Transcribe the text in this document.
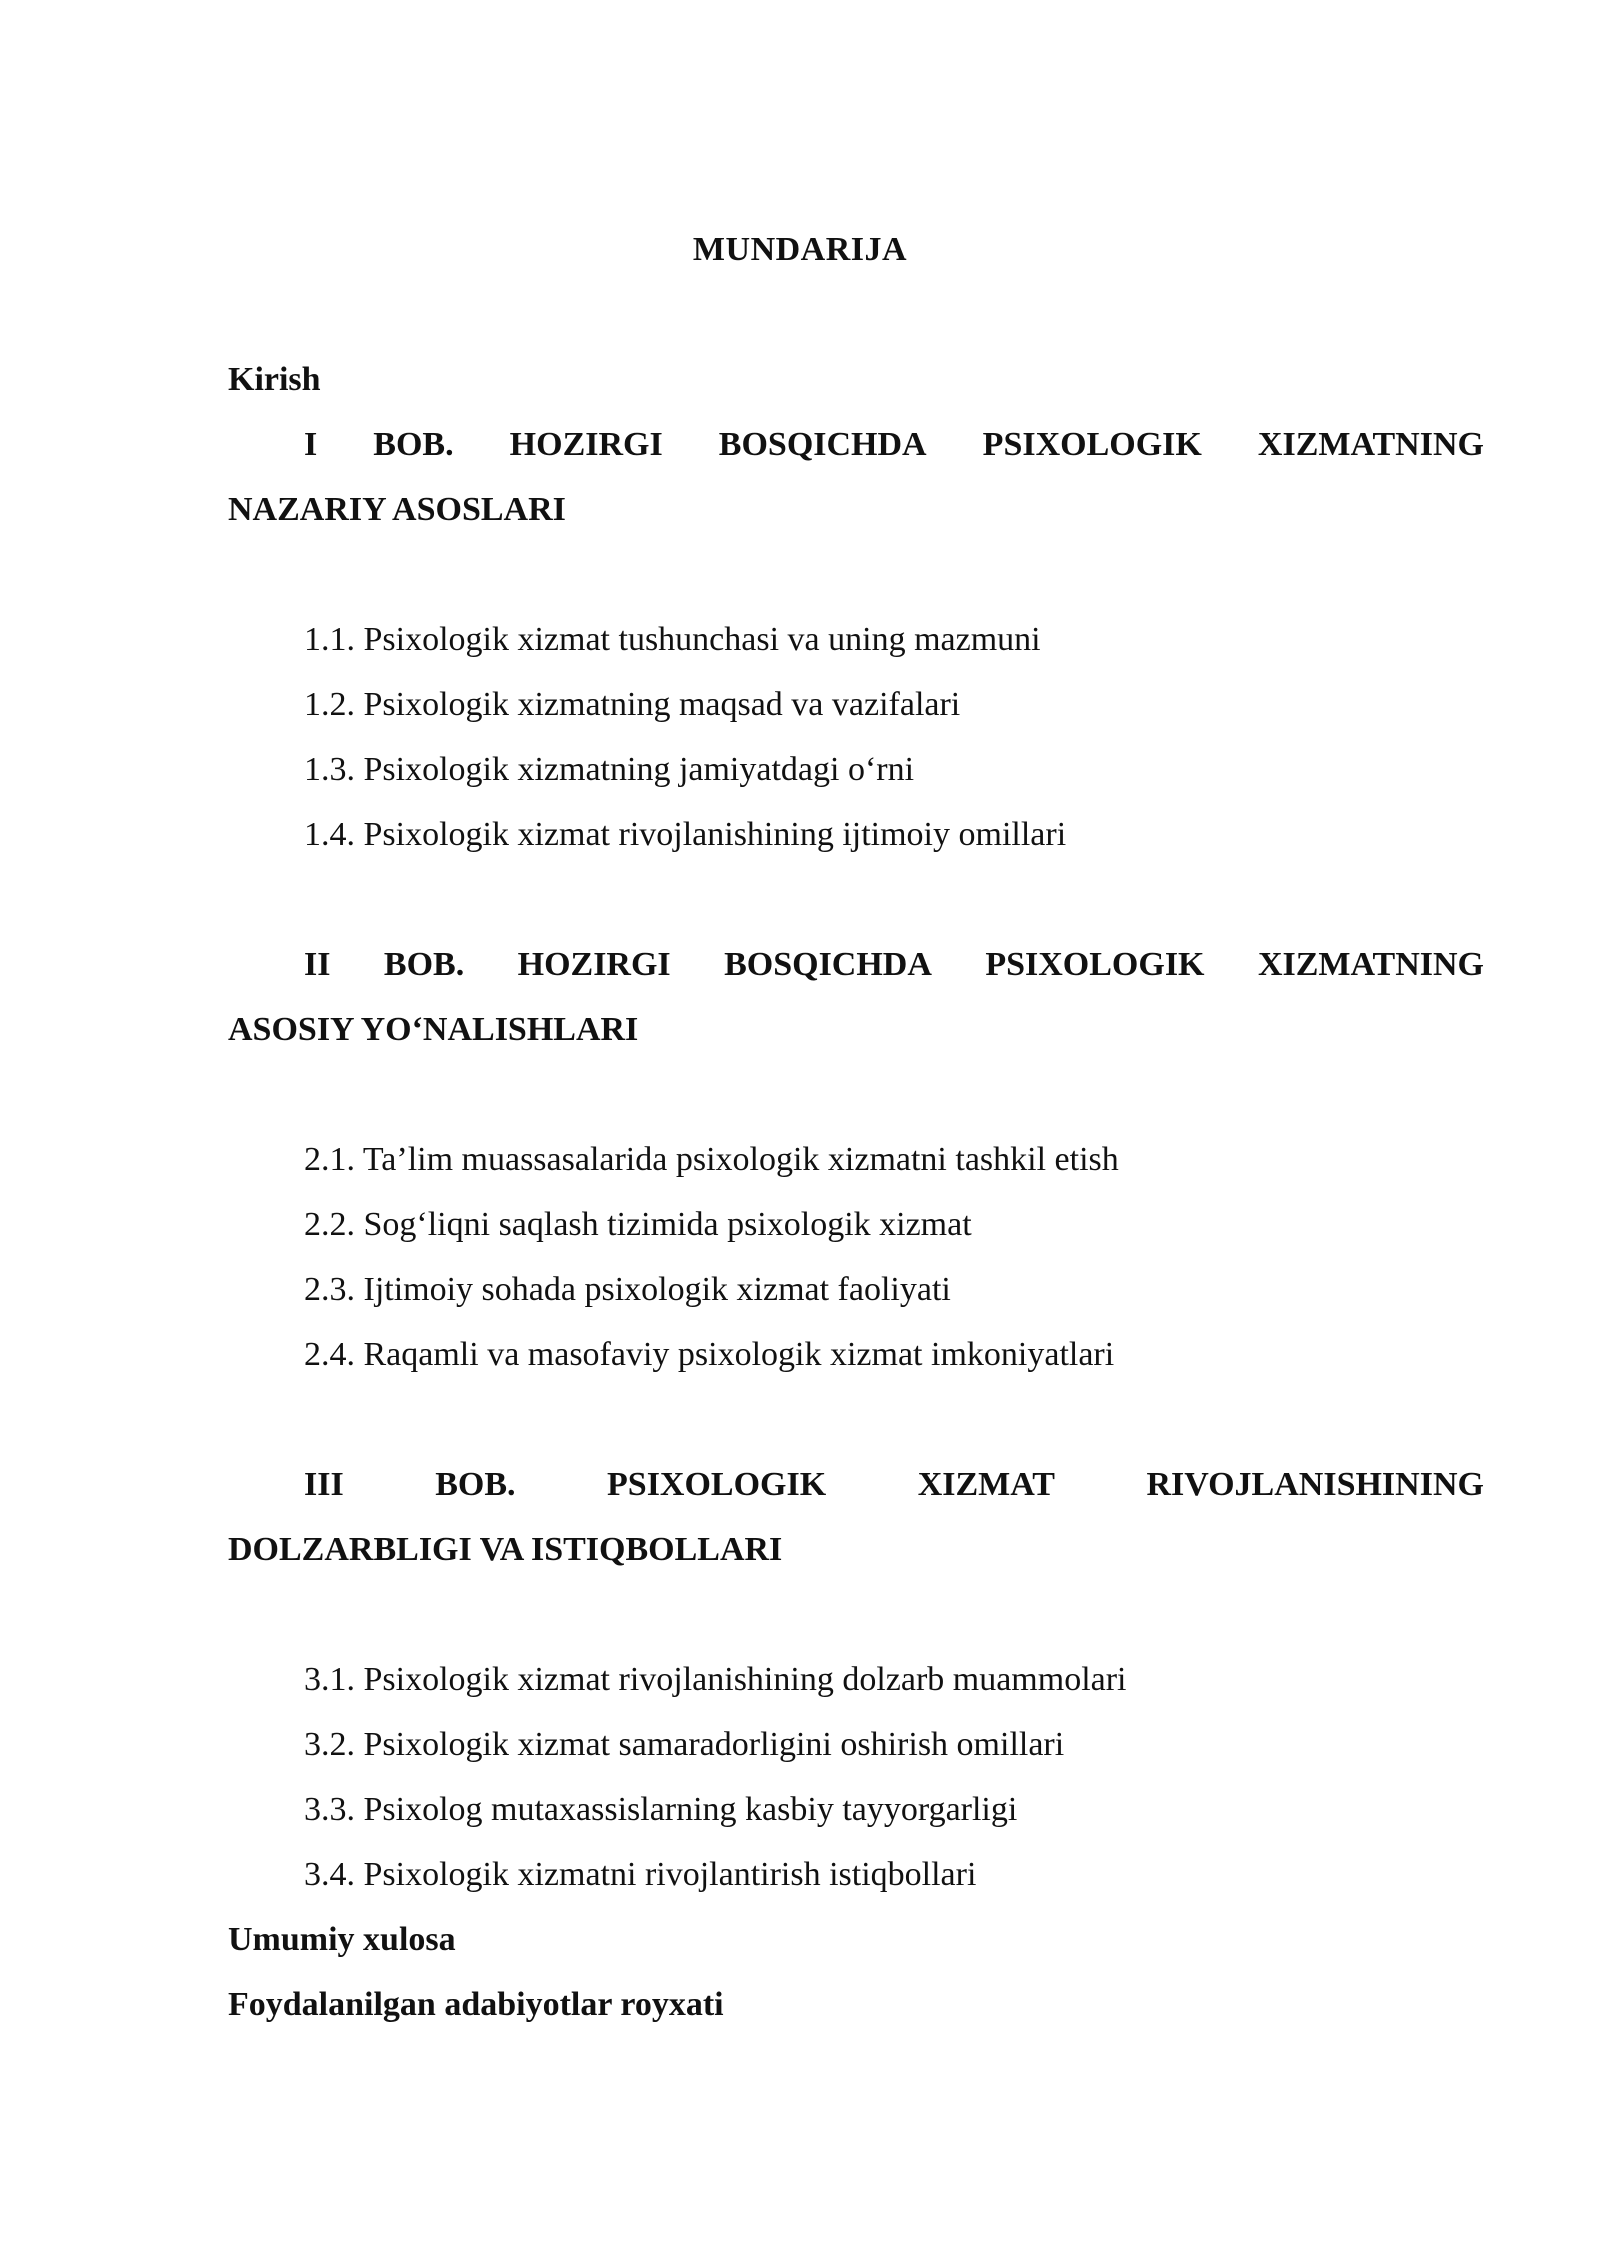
MUNDARIJA
Kirish
I BOB. HOZIRGI BOSQICHDA PSIXOLOGIK XIZMATNING
NAZARIY ASOSLARI
1.1. Psixologik xizmat tushunchasi va uning mazmuni
1.2. Psixologik xizmatning maqsad va vazifalari
1.3. Psixologik xizmatning jamiyatdagi o‘rni
1.4. Psixologik xizmat rivojlanishining ijtimoiy omillari
II BOB. HOZIRGI BOSQICHDA PSIXOLOGIK XIZMATNING
ASOSIY YO‘NALISHLARI
2.1. Ta’lim muassasalarida psixologik xizmatni tashkil etish
2.2. Sog‘liqni saqlash tizimida psixologik xizmat
2.3. Ijtimoiy sohada psixologik xizmat faoliyati
2.4. Raqamli va masofaviy psixologik xizmat imkoniyatlari
III	BOB.	PSIXOLOGIK	XIZMAT	RIVOJLANISHINING
DOLZARBLIGI VA ISTIQBOLLARI
3.1. Psixologik xizmat rivojlanishining dolzarb muammolari
3.2. Psixologik xizmat samaradorligini oshirish omillari
3.3. Psixolog mutaxassislarning kasbiy tayyorgarligi
3.4. Psixologik xizmatni rivojlantirish istiqbollari
Umumiy xulosa
Foydalanilgan adabiyotlar royxati
